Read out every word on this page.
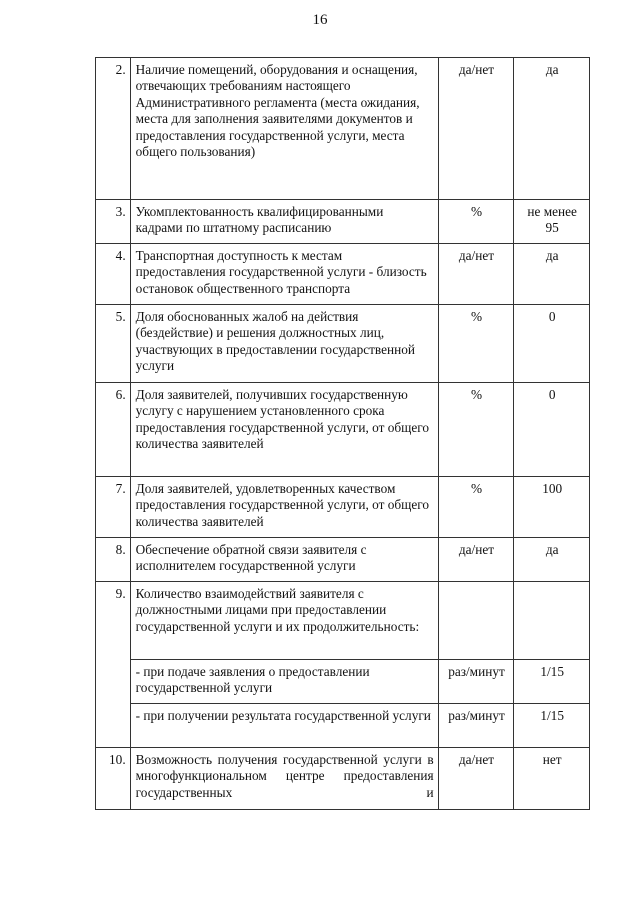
16
2.	Наличие помещений, оборудования и оснащения, отвечающих требованиям настоящего Административного регламента (места ожидания, места для заполнения заявителями документов и предоставления государственной услуги, места общего пользования)	да/нет	да
3.	Укомплектованность квалифицированными кадрами по штатному расписанию	%	не менее 95
4.	Транспортная доступность к местам предоставления государственной услуги - близость остановок общественного транспорта	да/нет	да
5.	Доля обоснованных жалоб на действия (бездействие) и решения должностных лиц, участвующих в предоставлении государственной услуги	%	0
6.	Доля заявителей, получивших государственную услугу с нарушением установленного срока предоставления государственной услуги, от общего количества заявителей	%	0
7.	Доля заявителей, удовлетворенных качеством предоставления государственной услуги, от общего количества заявителей	%	100
8.	Обеспечение обратной связи заявителя с исполнителем государственной услуги	да/нет	да
9.	Количество взаимодействий заявителя с должностными лицами при предоставлении государственной услуги и их продолжительность:		
	- при подаче заявления о предоставлении государственной услуги	раз/минут	1/15
	- при получении результата государственной услуги	раз/минут	1/15
10.	Возможность получения государственной услуги в многофункциональном центре предоставления государственных и	да/нет	нет
